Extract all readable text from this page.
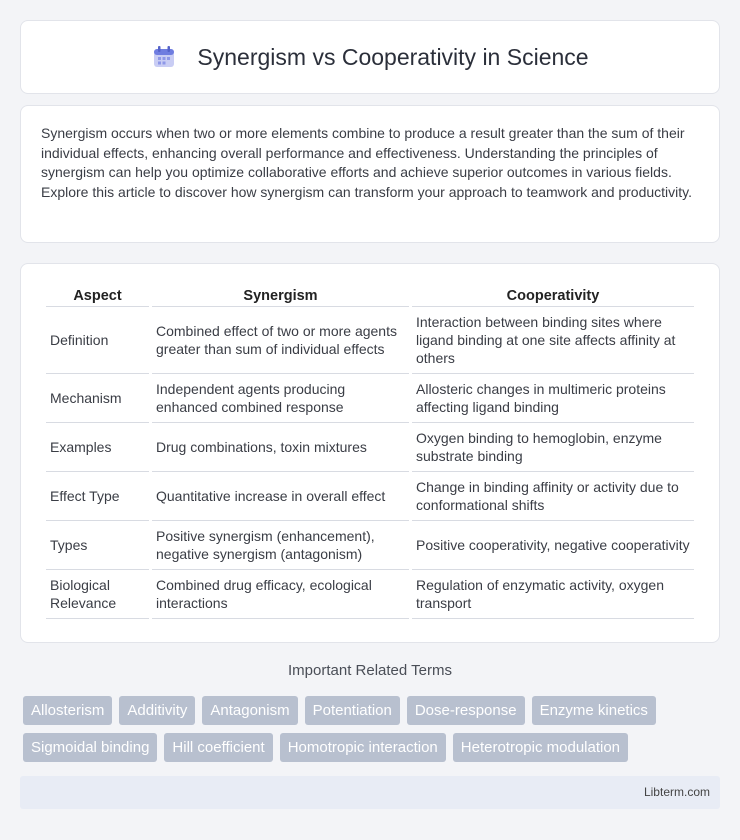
Synergism vs Cooperativity in Science

Synergism occurs when two or more elements combine to produce a result greater than the sum of their individual effects, enhancing overall performance and effectiveness. Understanding the principles of synergism can help you optimize collaborative efforts and achieve superior outcomes in various fields. Explore this article to discover how synergism can transform your approach to teamwork and productivity.

Aspect	Synergism	Cooperativity
Definition	Combined effect of two or more agents greater than sum of individual effects	Interaction between binding sites where ligand binding at one site affects affinity at others
Mechanism	Independent agents producing enhanced combined response	Allosteric changes in multimeric proteins affecting ligand binding
Examples	Drug combinations, toxin mixtures	Oxygen binding to hemoglobin, enzyme substrate binding
Effect Type	Quantitative increase in overall effect	Change in binding affinity or activity due to conformational shifts
Types	Positive synergism (enhancement), negative synergism (antagonism)	Positive cooperativity, negative cooperativity
Biological Relevance	Combined drug efficacy, ecological interactions	Regulation of enzymatic activity, oxygen transport
Important Related Terms
Allosterism	Additivity	Antagonism	Potentiation	Dose-response	Enzyme kinetics
Sigmoidal binding	Hill coefficient	Homotropic interaction	Heterotropic modulation
Libterm.com
